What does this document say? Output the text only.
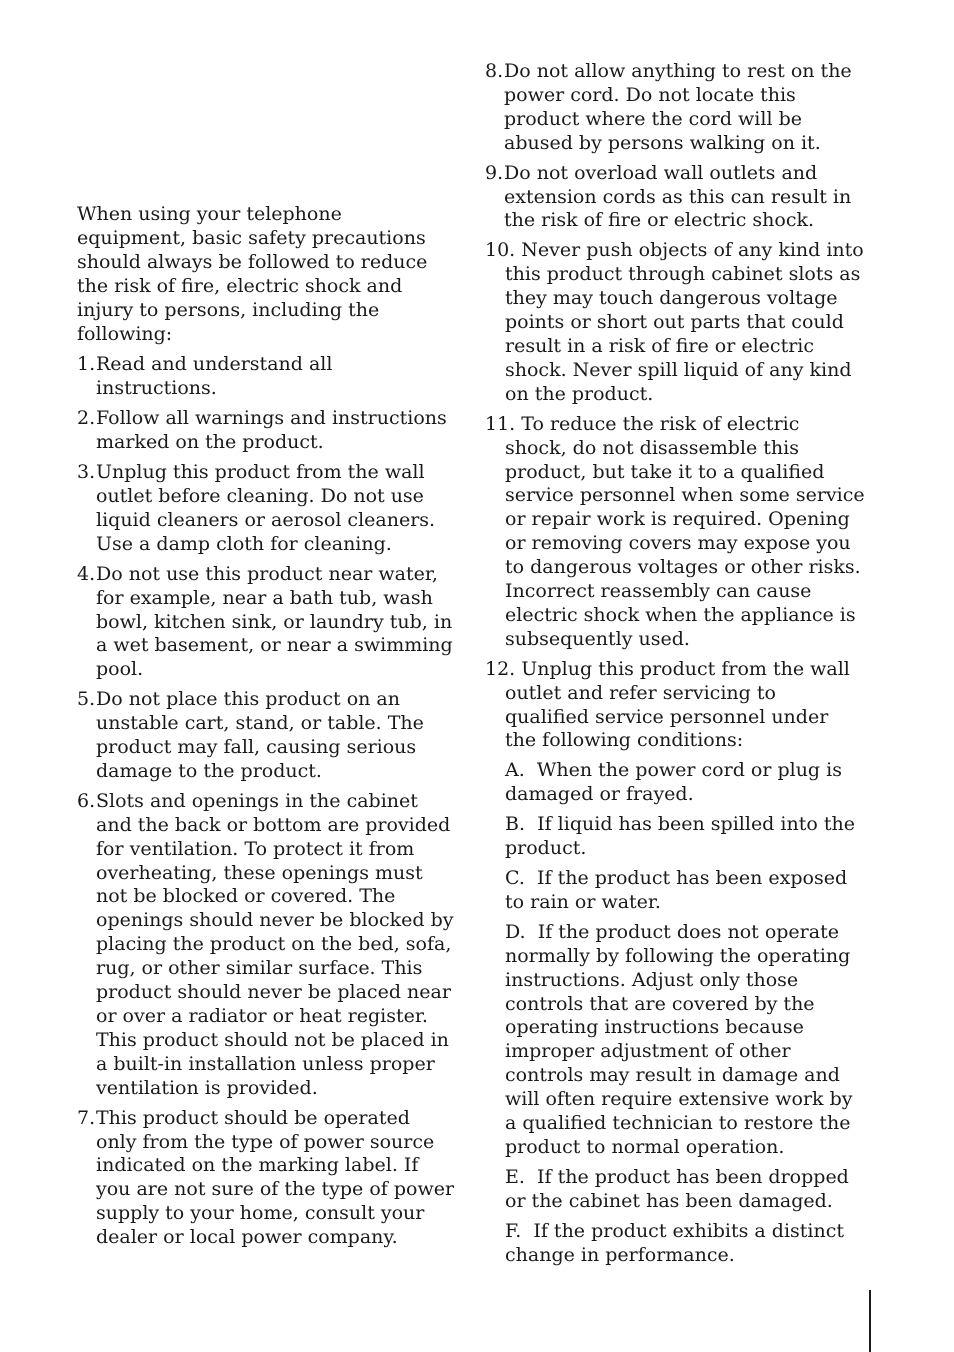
When using your telephone equipment, basic safety precautions should always be followed to reduce the risk of fire, electric shock and injury to persons, including the following:

1. Read and understand all instructions.
2. Follow all warnings and instructions marked on the product.
3. Unplug this product from the wall outlet before cleaning. Do not use liquid cleaners or aerosol cleaners. Use a damp cloth for cleaning.
4. Do not use this product near water, for example, near a bath tub, wash bowl, kitchen sink, or laundry tub, in a wet basement, or near a swimming pool.
5. Do not place this product on an unstable cart, stand, or table. The product may fall, causing serious damage to the product.
6. Slots and openings in the cabinet and the back or bottom are provided for ventilation. To protect it from overheating, these openings must not be blocked or covered. The openings should never be blocked by placing the product on the bed, sofa, rug, or other similar surface. This product should never be placed near or over a radiator or heat register. This product should not be placed in a built-in installation unless proper ventilation is provided.
7. This product should be operated only from the type of power source indicated on the marking label. If you are not sure of the type of power supply to your home, consult your dealer or local power company.
8. Do not allow anything to rest on the power cord. Do not locate this product where the cord will be abused by persons walking on it.
9. Do not overload wall outlets and extension cords as this can result in the risk of fire or electric shock.
10. Never push objects of any kind into this product through cabinet slots as they may touch dangerous voltage points or short out parts that could result in a risk of fire or electric shock. Never spill liquid of any kind on the product.
11. To reduce the risk of electric shock, do not disassemble this product, but take it to a qualified service personnel when some service or repair work is required. Opening or removing covers may expose you to dangerous voltages or other risks. Incorrect reassembly can cause electric shock when the appliance is subsequently used.
12. Unplug this product from the wall outlet and refer servicing to qualified service personnel under the following conditions:
A. When the power cord or plug is damaged or frayed.
B. If liquid has been spilled into the product.
C. If the product has been exposed to rain or water.
D. If the product does not operate normally by following the operating instructions. Adjust only those controls that are covered by the operating instructions because improper adjustment of other controls may result in damage and will often require extensive work by a qualified technician to restore the product to normal operation.
E. If the product has been dropped or the cabinet has been damaged.
F. If the product exhibits a distinct change in performance.
